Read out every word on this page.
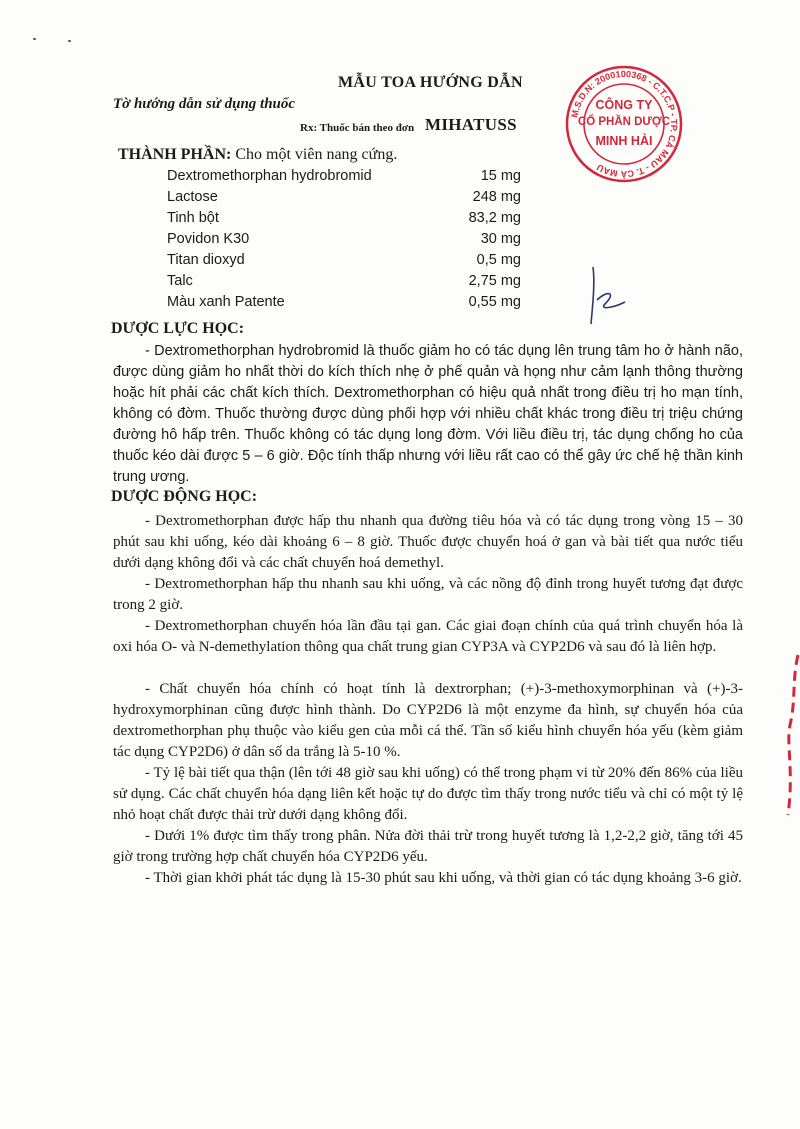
MẪU TOA HƯỚNG DẪN
Tờ hướng dẫn sử dụng thuốc
Rx: Thuốc bán theo đơn MIHATUSS
M.S.D.N: 2000100368 - C.T.C.P - TP. CÀ MAU - T. CÀ MAU
CÔNG TY
CỔ PHẦN DƯỢC
MINH HẢI
THÀNH PHẦN: Cho một viên nang cứng.
Dextromethorphan hydrobromid	15 mg
Lactose	248 mg
Tinh bột	83,2 mg
Povidon K30	30 mg
Titan dioxyd	0,5 mg
Talc	2,75 mg
Màu xanh Patente	0,55 mg
DƯỢC LỰC HỌC:
- Dextromethorphan hydrobromid là thuốc giảm ho có tác dụng lên trung tâm ho ở hành não, được dùng giảm ho nhất thời do kích thích nhẹ ở phế quản và họng như cảm lạnh thông thường hoặc hít phải các chất kích thích. Dextromethorphan có hiệu quả nhất trong điều trị ho mạn tính, không có đờm. Thuốc thường được dùng phối hợp với nhiều chất khác trong điều trị triệu chứng đường hô hấp trên. Thuốc không có tác dụng long đờm. Với liều điều trị, tác dụng chống ho của thuốc kéo dài được 5 – 6 giờ. Độc tính thấp nhưng với liều rất cao có thể gây ức chế hệ thần kinh trung ương.
DƯỢC ĐỘNG HỌC:
- Dextromethorphan được hấp thu nhanh qua đường tiêu hóa và có tác dụng trong vòng 15 – 30 phút sau khi uống, kéo dài khoảng 6 – 8 giờ. Thuốc được chuyển hoá ở gan và bài tiết qua nước tiểu dưới dạng không đổi và các chất chuyển hoá demethyl.
- Dextromethorphan hấp thu nhanh sau khi uống, và các nồng độ đỉnh trong huyết tương đạt được trong 2 giờ.
- Dextromethorphan chuyển hóa lần đầu tại gan. Các giai đoạn chính của quá trình chuyển hóa là oxi hóa O- và N-demethylation thông qua chất trung gian CYP3A và CYP2D6 và sau đó là liên hợp.
- Chất chuyển hóa chính có hoạt tính là dextrorphan; (+)-3-methoxymorphinan và (+)-3-hydroxymorphinan cũng được hình thành. Do CYP2D6 là một enzyme đa hình, sự chuyển hóa của dextromethorphan phụ thuộc vào kiểu gen của mỗi cá thể. Tần số kiểu hình chuyển hóa yếu (kèm giảm tác dụng CYP2D6) ở dân số da trắng là 5-10 %.
- Tỷ lệ bài tiết qua thận (lên tới 48 giờ sau khi uống) có thể trong phạm vi từ 20% đến 86% của liều sử dụng. Các chất chuyển hóa dạng liên kết hoặc tự do được tìm thấy trong nước tiểu và chỉ có một tỷ lệ nhỏ hoạt chất được thải trừ dưới dạng không đổi.
- Dưới 1% được tìm thấy trong phân. Nửa đời thải trừ trong huyết tương là 1,2-2,2 giờ, tăng tới 45 giờ trong trường hợp chất chuyển hóa CYP2D6 yếu.
- Thời gian khởi phát tác dụng là 15-30 phút sau khi uống, và thời gian có tác dụng khoảng 3-6 giờ.
